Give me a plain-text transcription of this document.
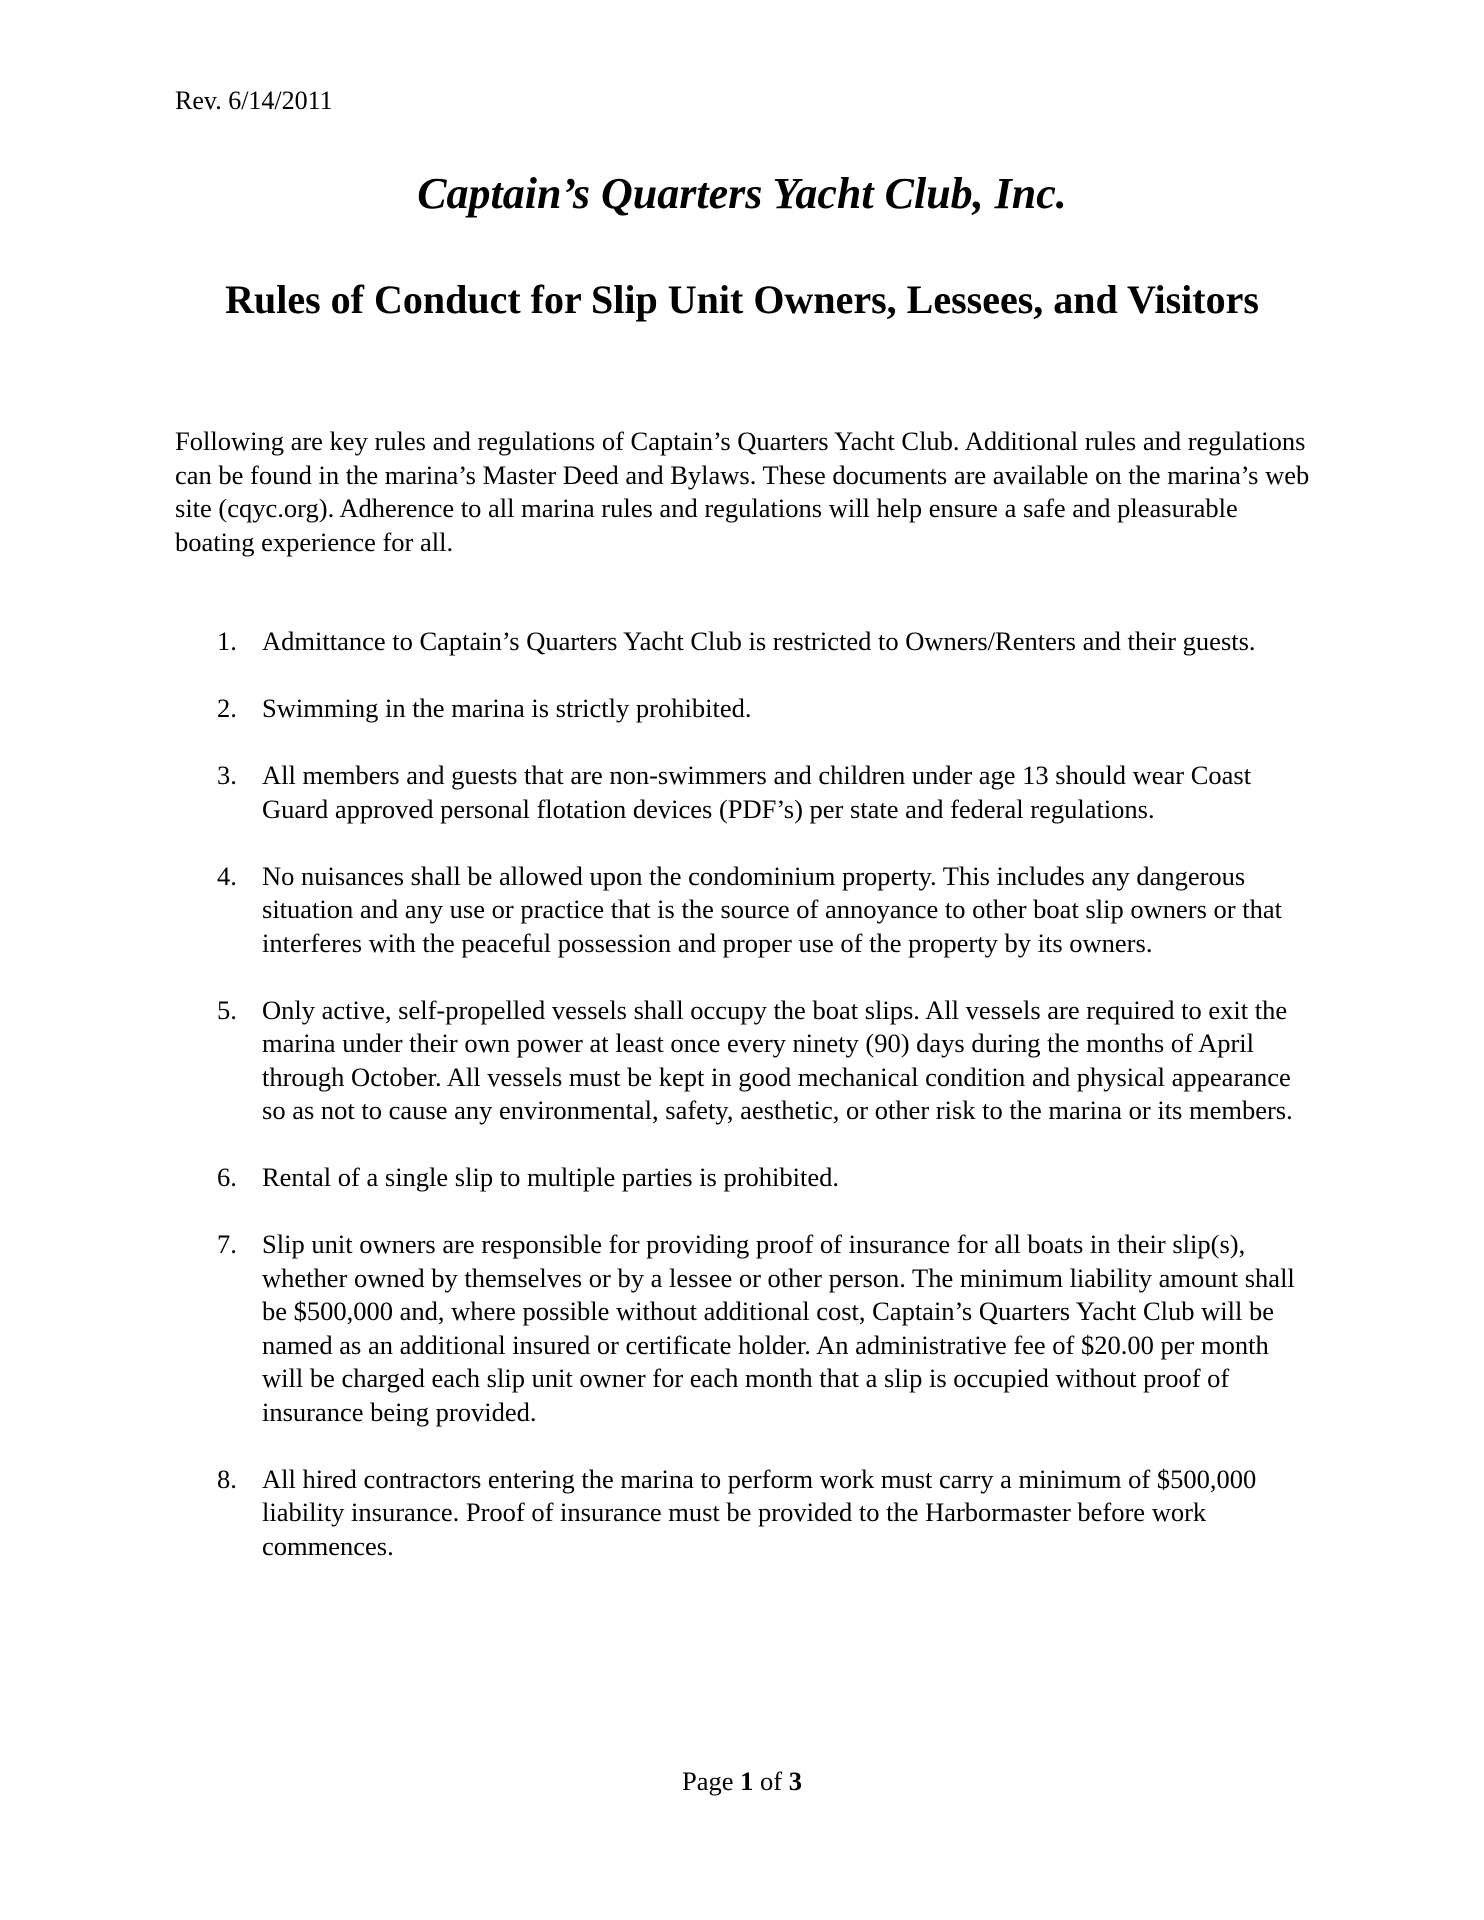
Rev. 6/14/2011
Captain’s Quarters Yacht Club, Inc.
Rules of Conduct for Slip Unit Owners, Lessees, and Visitors

Following are key rules and regulations of Captain’s Quarters Yacht Club. Additional rules and regulations can be found in the marina’s Master Deed and Bylaws. These documents are available on the marina’s web site (cqyc.org). Adherence to all marina rules and regulations will help ensure a safe and pleasurable boating experience for all.

1. Admittance to Captain’s Quarters Yacht Club is restricted to Owners/Renters and their guests.
2. Swimming in the marina is strictly prohibited.
3. All members and guests that are non-swimmers and children under age 13 should wear Coast Guard approved personal flotation devices (PDF’s) per state and federal regulations.
4. No nuisances shall be allowed upon the condominium property. This includes any dangerous situation and any use or practice that is the source of annoyance to other boat slip owners or that interferes with the peaceful possession and proper use of the property by its owners.
5. Only active, self-propelled vessels shall occupy the boat slips. All vessels are required to exit the marina under their own power at least once every ninety (90) days during the months of April through October. All vessels must be kept in good mechanical condition and physical appearance so as not to cause any environmental, safety, aesthetic, or other risk to the marina or its members.
6. Rental of a single slip to multiple parties is prohibited.
7. Slip unit owners are responsible for providing proof of insurance for all boats in their slip(s), whether owned by themselves or by a lessee or other person. The minimum liability amount shall be $500,000 and, where possible without additional cost, Captain’s Quarters Yacht Club will be named as an additional insured or certificate holder. An administrative fee of $20.00 per month will be charged each slip unit owner for each month that a slip is occupied without proof of insurance being provided.
8. All hired contractors entering the marina to perform work must carry a minimum of $500,000 liability insurance. Proof of insurance must be provided to the Harbormaster before work commences.
Page 1 of 3
